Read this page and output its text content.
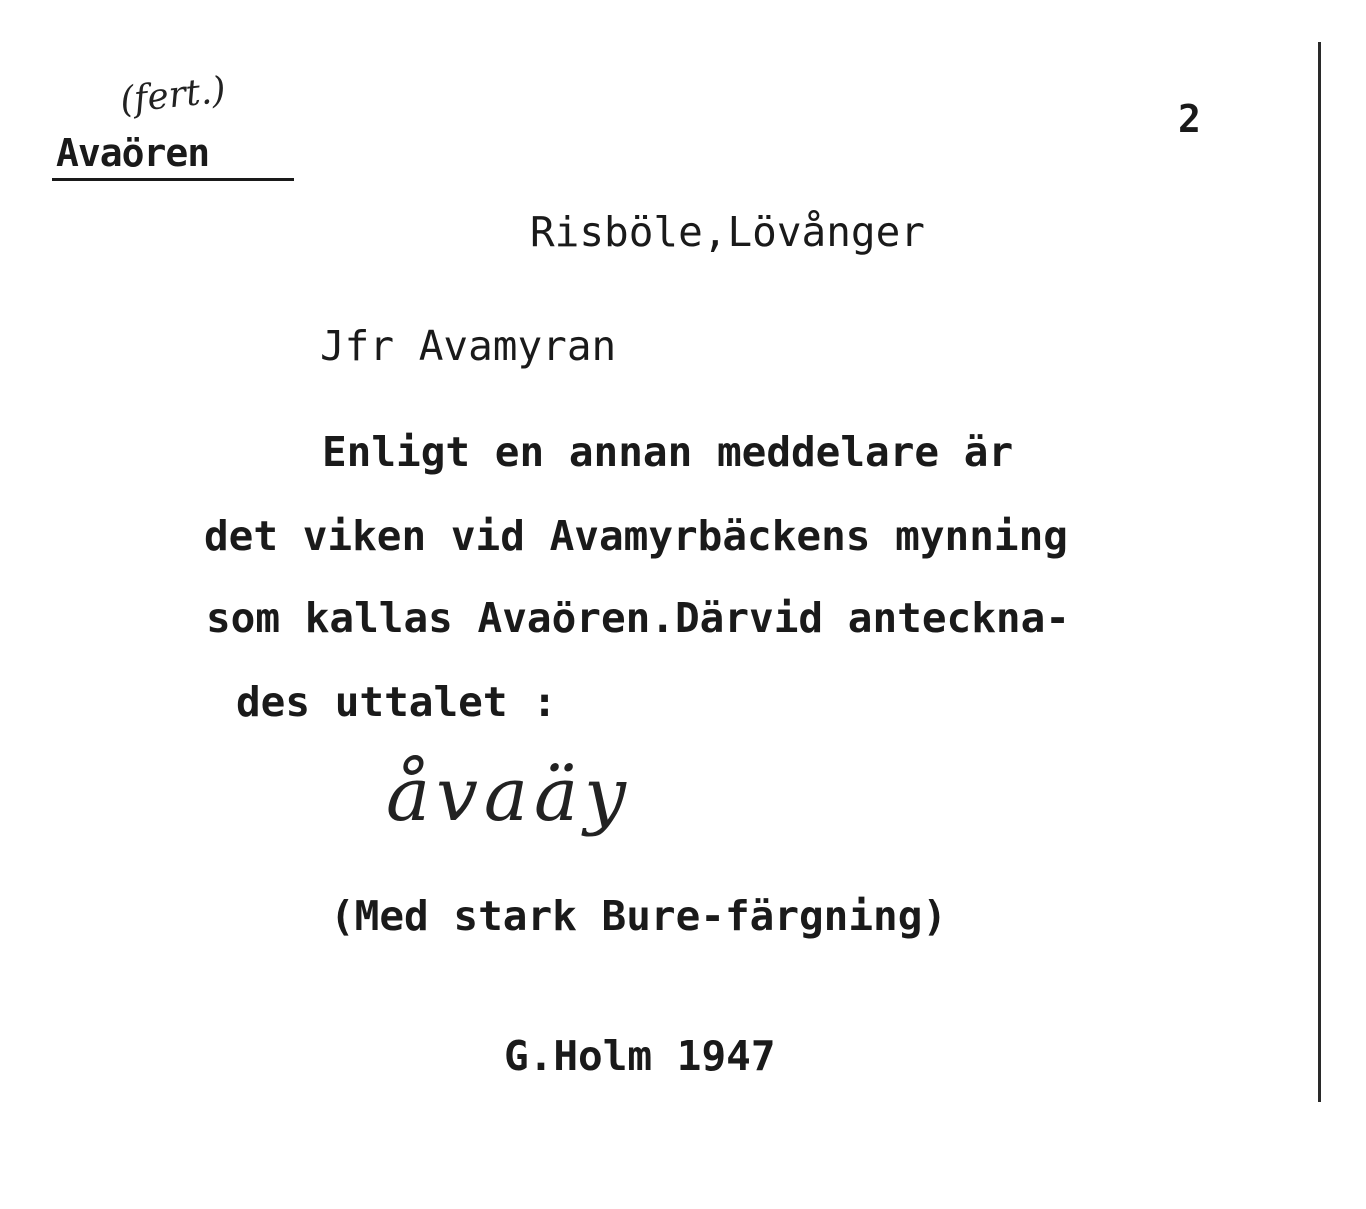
(fert.)
Avaören
2
Risböle,Lövånger
Jfr Avamyran
Enligt en annan meddelare är
det viken vid Avamyrbäckens mynning
som kallas Avaören.Därvid anteckna-
des uttalet :
åvaäy
(Med stark Bure-färgning)
G.Holm 1947
